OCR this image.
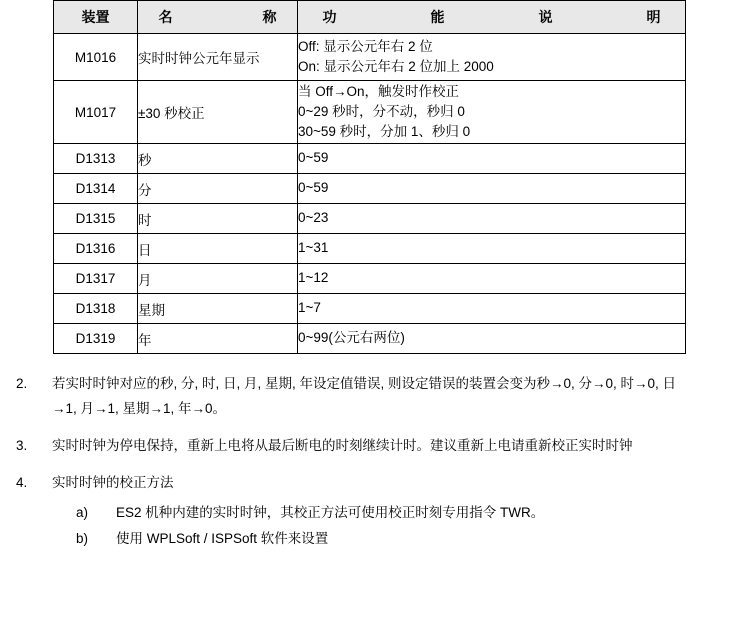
装置	名　　　称	功　　能　　说　　明

M1016	实时时钟公元年显示	Off: 显示公元年右 2 位
On: 显示公元年右 2 位加上 2000

M1017	±30 秒校正	当 Off→On，触发时作校正
0~29 秒时，分不动，秒归 0
30~59 秒时，分加 1、秒归 0

D1313	秒	0~59
D1314	分	0~59
D1315	时	0~23
D1316	日	1~31
D1317	月	1~12
D1318	星期	1~7
D1319	年	0~99(公元右两位)
2.	若实时时钟对应的秒, 分, 时, 日, 月, 星期, 年设定值错误, 则设定错误的装置会变为秒→0, 分→0, 时→0, 日→1, 月→1, 星期→1, 年→0。
3.	实时时钟为停电保持，重新上电将从最后断电的时刻继续计时。建议重新上电请重新校正实时时钟
4.	实时时钟的校正方法
a)	ES2 机种内建的实时时钟，其校正方法可使用校正时刻专用指令 TWR。
b)	使用 WPLSoft / ISPSoft 软件来设置
